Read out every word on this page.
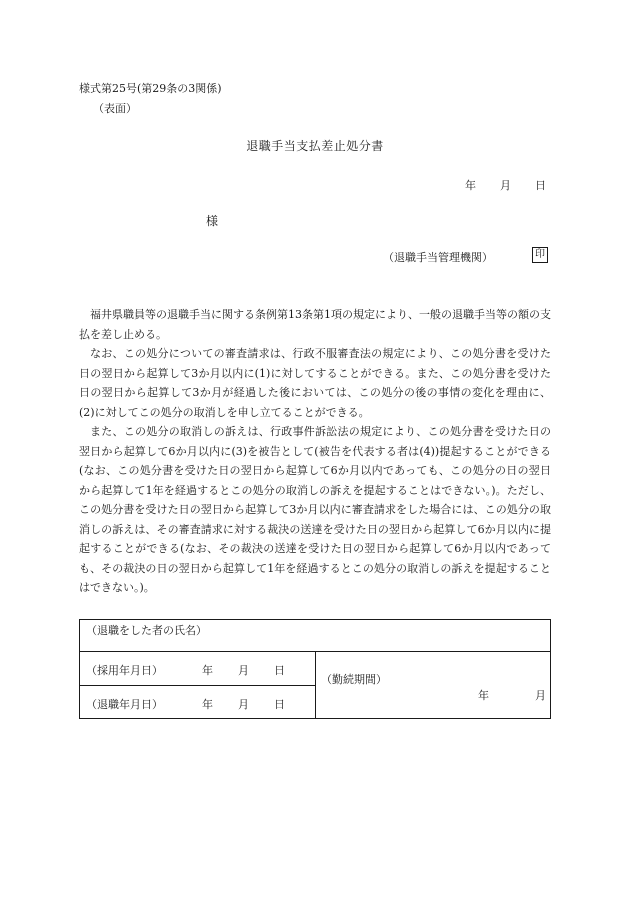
様式第25号(第29条の3関係)
（表面）
退職手当支払差止処分書
年 月 日
様
（退職手当管理機関）	印

福井県職員等の退職手当に関する条例第13条第1項の規定により、一般の退職手当等の額の支払を差し止める。

なお、この処分についての審査請求は、行政不服審査法の規定により、この処分書を受けた日の翌日から起算して3か月以内に(1)に対してすることができる。また、この処分書を受けた日の翌日から起算して3か月が経過した後においては、この処分の後の事情の変化を理由に、(2)に対してこの処分の取消しを申し立てることができる。

また、この処分の取消しの訴えは、行政事件訴訟法の規定により、この処分書を受けた日の翌日から起算して6か月以内に(3)を被告として(被告を代表する者は(4))提起することができる(なお、この処分書を受けた日の翌日から起算して6か月以内であっても、この処分の日の翌日から起算して1年を経過するとこの処分の取消しの訴えを提起することはできない。)。ただし、この処分書を受けた日の翌日から起算して3か月以内に審査請求をした場合には、この処分の取消しの訴えは、その審査請求に対する裁決の送達を受けた日の翌日から起算して6か月以内に提起することができる(なお、その裁決の送達を受けた日の翌日から起算して6か月以内であっても、その裁決の日の翌日から起算して1年を経過するとこの処分の取消しの訴えを提起することはできない。)。

（退職をした者の氏名）
（採用年月日）	年 月 日
（退職年月日）	年 月 日
（勤続期間）
年	月
